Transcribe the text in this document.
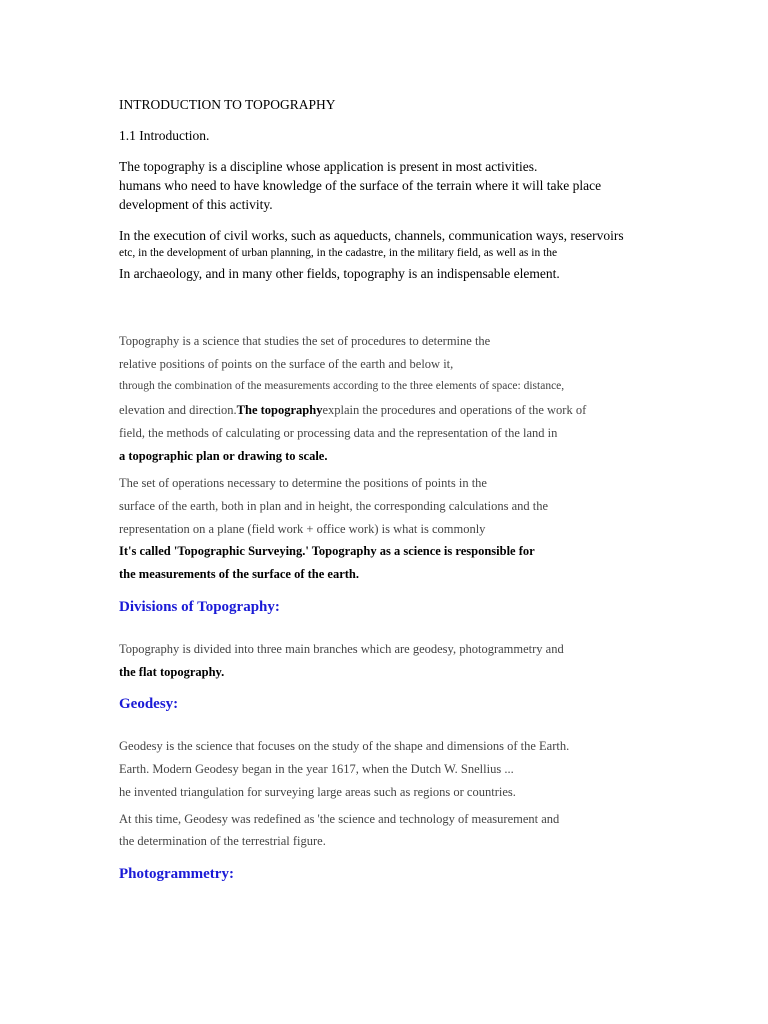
INTRODUCTION TO TOPOGRAPHY

1.1 Introduction.

The topography is a discipline whose application is present in most activities.

humans who need to have knowledge of the surface of the terrain where it will take place

development of this activity.

In the execution of civil works, such as aqueducts, channels, communication ways, reservoirs

etc, in the development of urban planning, in the cadastre, in the military field, as well as in the

In archaeology, and in many other fields, topography is an indispensable element.

Topography is a science that studies the set of procedures to determine the

relative positions of points on the surface of the earth and below it,

through the combination of the measurements according to the three elements of space: distance,

elevation and direction.The topographyexplain the procedures and operations of the work of

field, the methods of calculating or processing data and the representation of the land in

a topographic plan or drawing to scale.

The set of operations necessary to determine the positions of points in the

surface of the earth, both in plan and in height, the corresponding calculations and the

representation on a plane (field work + office work) is what is commonly

It's called 'Topographic Surveying.' Topography as a science is responsible for

the measurements of the surface of the earth.

Divisions of Topography:

Topography is divided into three main branches which are geodesy, photogrammetry and

the flat topography.

Geodesy:

Geodesy is the science that focuses on the study of the shape and dimensions of the Earth.

Earth. Modern Geodesy began in the year 1617, when the Dutch W. Snellius ...

he invented triangulation for surveying large areas such as regions or countries.

At this time, Geodesy was redefined as 'the science and technology of measurement and

the determination of the terrestrial figure.

Photogrammetry:
